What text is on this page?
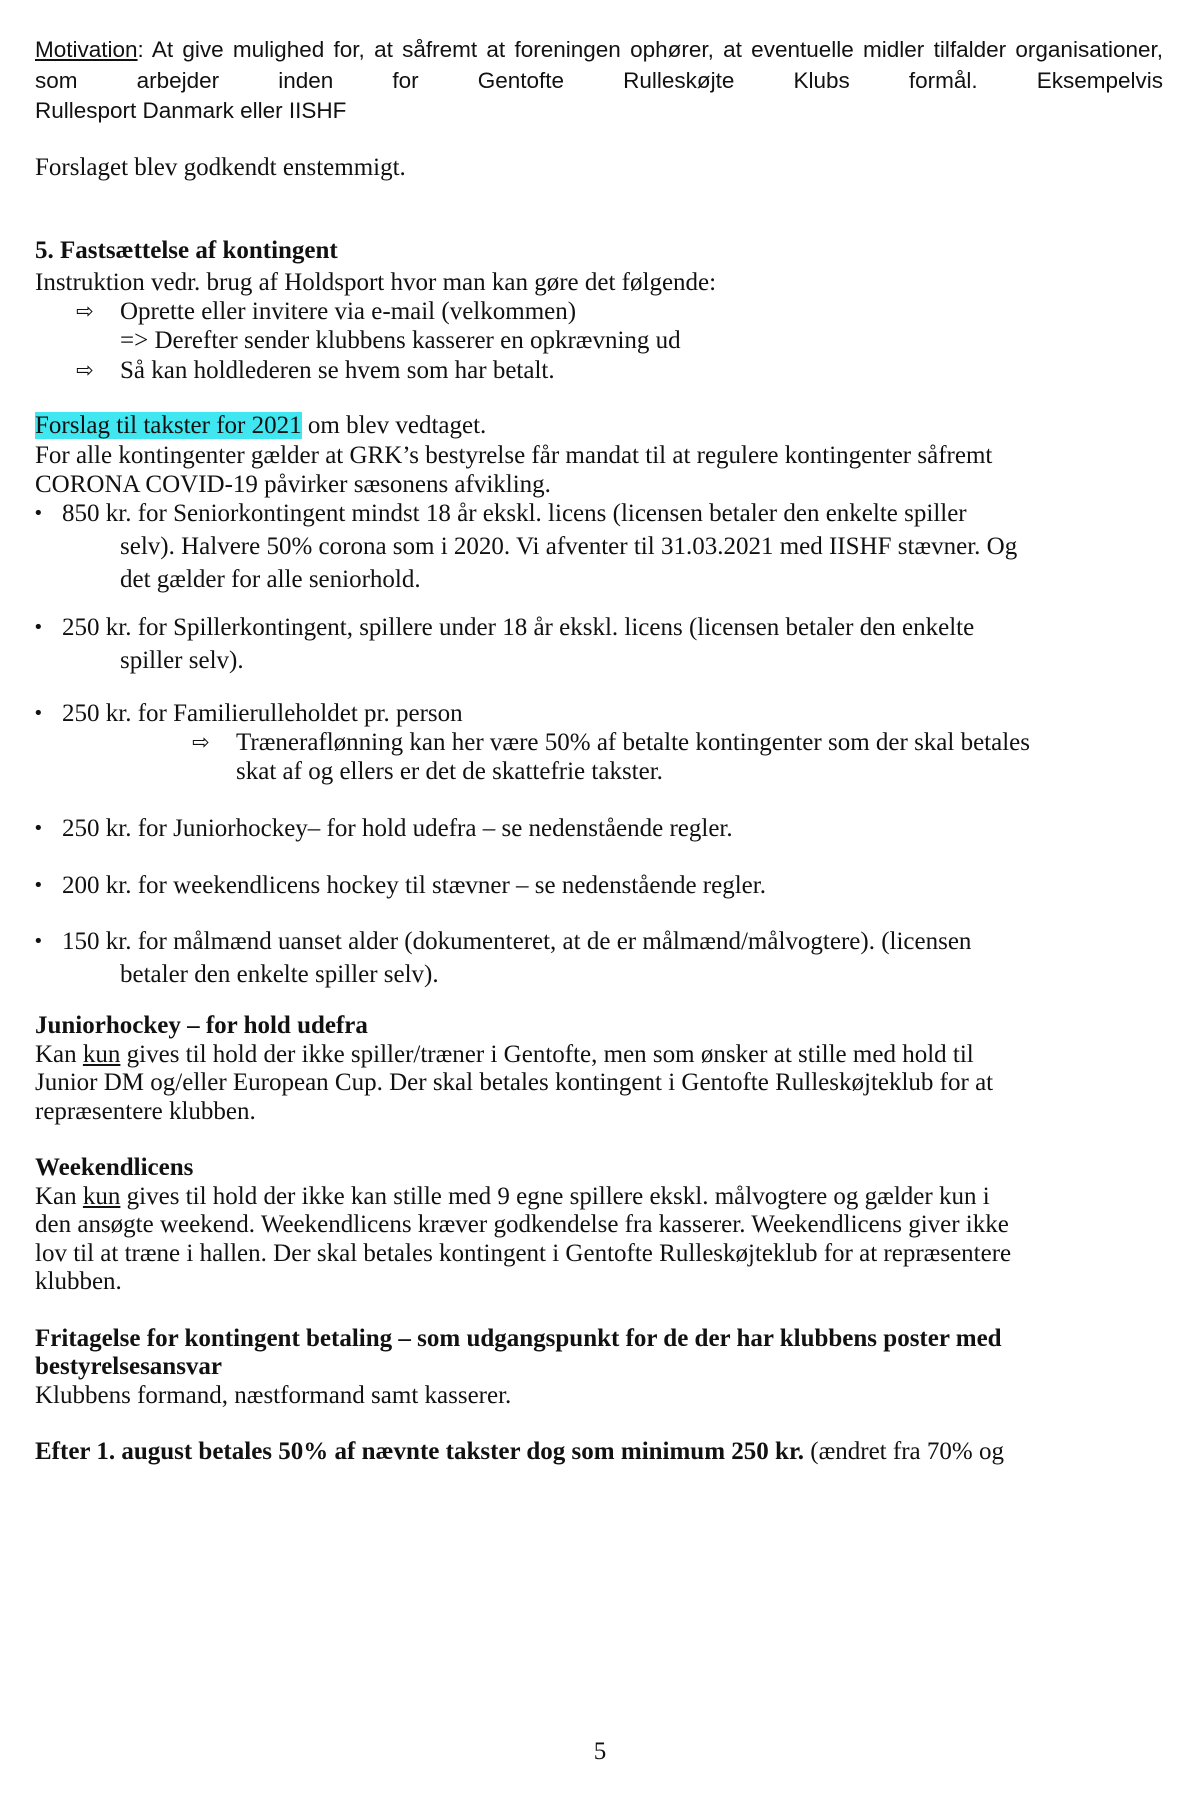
Motivation: At give mulighed for, at såfremt at foreningen ophører, at eventuelle midler tilfalder organisationer, som arbejder inden for Gentofte Rulleskøjte Klubs formål. Eksempelvis
Rullesport Danmark eller IISHF
Forslaget blev godkendt enstemmigt.
5. Fastsættelse af kontingent
Instruktion vedr. brug af Holdsport hvor man kan gøre det følgende:
⇨ Oprette eller invitere via e-mail (velkommen)
=> Derefter sender klubbens kasserer en opkrævning ud
⇨ Så kan holdlederen se hvem som har betalt.
Forslag til takster for 2021 om blev vedtaget.
For alle kontingenter gælder at GRK’s bestyrelse får mandat til at regulere kontingenter såfremt
CORONA COVID-19 påvirker sæsonens afvikling.
• 850 kr. for Seniorkontingent mindst 18 år ekskl. licens (licensen betaler den enkelte spiller
selv). Halvere 50% corona som i 2020. Vi afventer til 31.03.2021 med IISHF stævner. Og
det gælder for alle seniorhold.
• 250 kr. for Spillerkontingent, spillere under 18 år ekskl. licens (licensen betaler den enkelte
spiller selv).
• 250 kr. for Familierulleholdet pr. person
⇨ Træneraflønning kan her være 50% af betalte kontingenter som der skal betales
skat af og ellers er det de skattefrie takster.
• 250 kr. for Juniorhockey– for hold udefra – se nedenstående regler.
• 200 kr. for weekendlicens hockey til stævner – se nedenstående regler.
• 150 kr. for målmænd uanset alder (dokumenteret, at de er målmænd/målvogtere). (licensen
betaler den enkelte spiller selv).
Juniorhockey – for hold udefra
Kan kun gives til hold der ikke spiller/træner i Gentofte, men som ønsker at stille med hold til
Junior DM og/eller European Cup. Der skal betales kontingent i Gentofte Rulleskøjteklub for at
repræsentere klubben.
Weekendlicens
Kan kun gives til hold der ikke kan stille med 9 egne spillere ekskl. målvogtere og gælder kun i
den ansøgte weekend. Weekendlicens kræver godkendelse fra kasserer. Weekendlicens giver ikke
lov til at træne i hallen. Der skal betales kontingent i Gentofte Rulleskøjteklub for at repræsentere
klubben.
Fritagelse for kontingent betaling – som udgangspunkt for de der har klubbens poster med
bestyrelsesansvar
Klubbens formand, næstformand samt kasserer.
Efter 1. august betales 50% af nævnte takster dog som minimum 250 kr. (ændret fra 70% og
5
